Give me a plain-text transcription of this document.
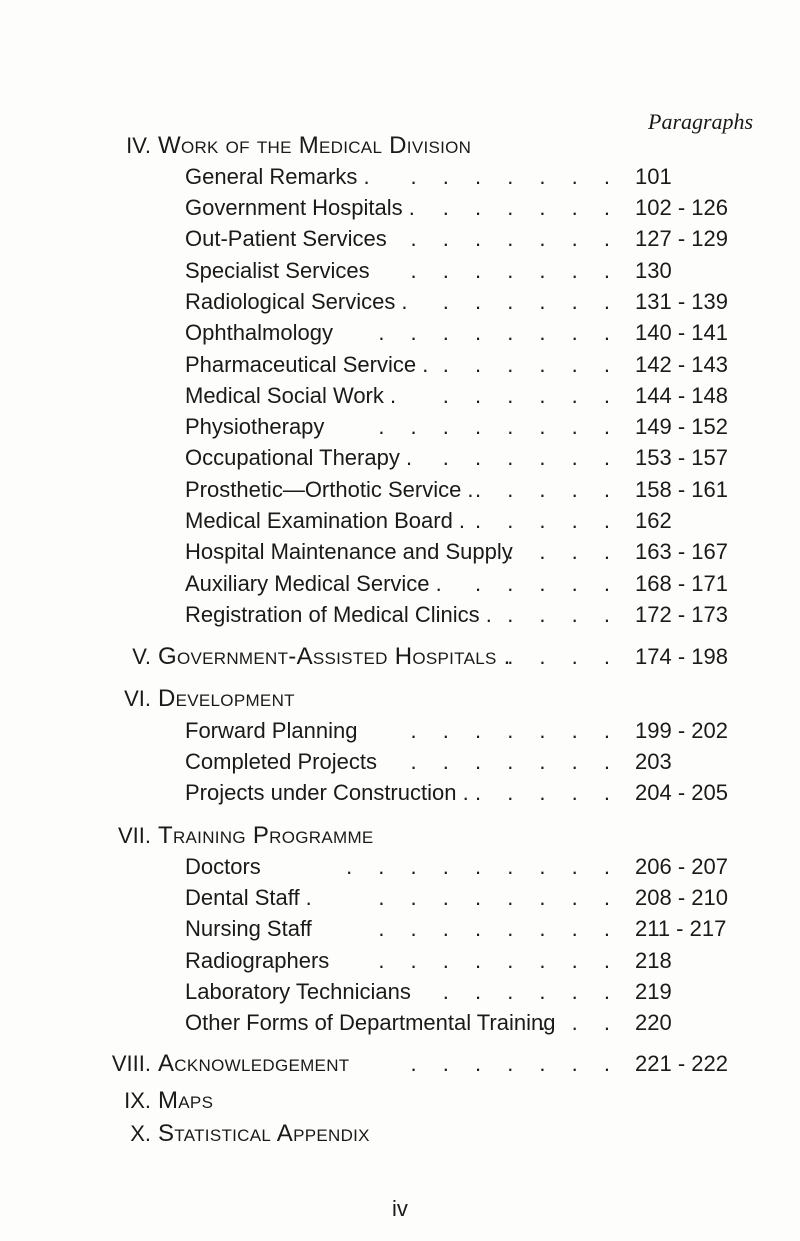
Paragraphs
IV. Work of the Medical Division
. . . . . . .
General Remarks .	101
. . . . . .
Government Hospitals .	102 - 126
. . . . . . .
Out-Patient Services	127 - 129
. . . . . . .
Specialist Services	130
. . . . . .
Radiological Services .	131 - 139
. . . . . . . .
Ophthalmology	140 - 141
. . . . . .
Pharmaceutical Service .	142 - 143
. . . . . .
Medical Social Work .	144 - 148
. . . . . . . .
Physiotherapy	149 - 152
. . . . . .
Occupational Therapy .	153 - 157
. . . . .
Prosthetic—Orthotic Service .	158 - 161
. . . . .
Medical Examination Board .	162
. . . .
Hospital Maintenance and Supply	163 - 167
. . . . .
Auxiliary Medical Service .	168 - 171
. . . .
Registration of Medical Clinics .	172 - 173
. . . .
V. Government-Assisted Hospitals .	174 - 198
VI. Development
. . . . . . .
Forward Planning	199 - 202
. . . . . . .
Completed Projects	203
. . . . .
Projects under Construction .	204 - 205
VII. Training Programme
. . . . . . . . .
Doctors	206 - 207
. . . . . . . .
Dental Staff .	208 - 210
. . . . . . . .
Nursing Staff	211 - 217
. . . . . . . .
Radiographers	218
. . . . . .
Laboratory Technicians	219
. . .
Other Forms of Departmental Training	220
. . . . . . .
VIII. Acknowledgement	221 - 222
IX. Maps
X. Statistical Appendix
iv
